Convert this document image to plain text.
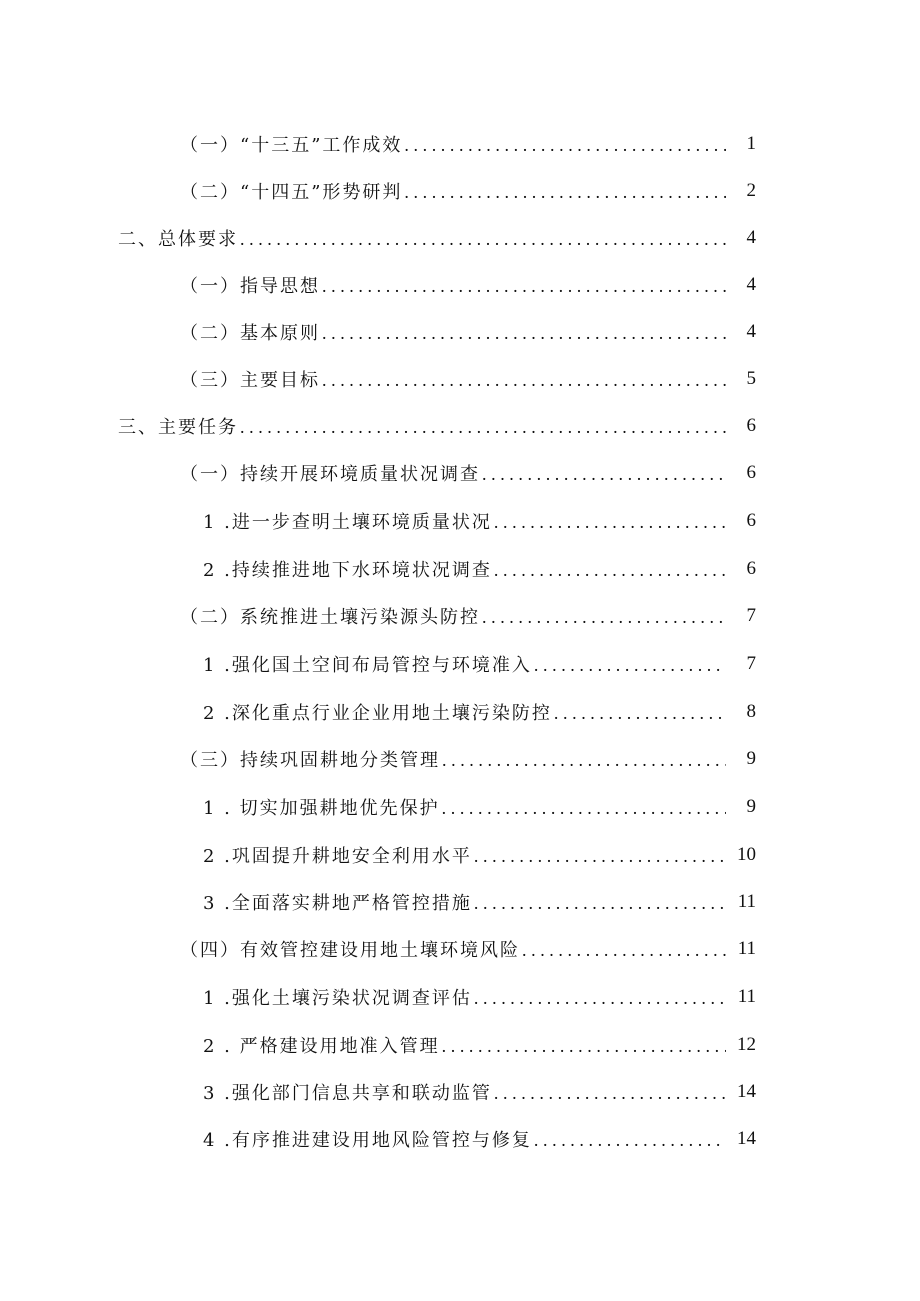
（一）“十三五”工作成效 .....	1
（二）“十四五”形势研判 .....	2
二、总体要求 .....	4
（一）指导思想 .....	4
（二）基本原则 .....	4
（三）主要目标 .....	5
三、主要任务 .....	6
（一）持续开展环境质量状况调查 .....	6
1 .进一步查明土壤环境质量状况 .....	6
2 .持续推进地下水环境状况调查 .....	6
（二）系统推进土壤污染源头防控 .....	7
1 .强化国土空间布局管控与环境准入 .....	7
2 .深化重点行业企业用地土壤污染防控 .....	8
（三）持续巩固耕地分类管理 .....	9
1 . 切实加强耕地优先保护 .....	9
2 .巩固提升耕地安全利用水平 .....	10
3 .全面落实耕地严格管控措施 .....	11
（四）有效管控建设用地土壤环境风险 .....	11
1 .强化土壤污染状况调查评估 .....	11
2 . 严格建设用地准入管理 .....	12
3 .强化部门信息共享和联动监管 .....	14
4 .有序推进建设用地风险管控与修复 .....	14
